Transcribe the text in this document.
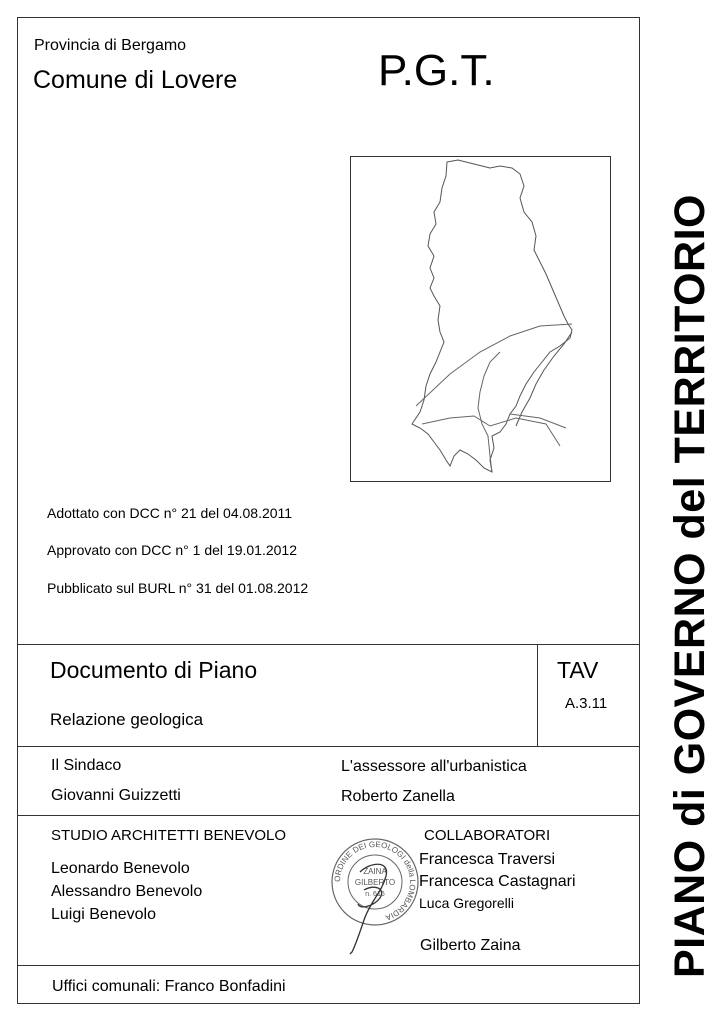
Provincia di Bergamo
Comune di Lovere	P.G.T.
Adottato con DCC n° 21 del 04.08.2011
Approvato con DCC n° 1 del 19.01.2012
Pubblicato sul BURL n° 31 del 01.08.2012
Documento di Piano
Relazione geologica
TAV
A.3.11
Il Sindaco
Giovanni Guizzetti
L'assessore all'urbanistica
Roberto Zanella
STUDIO ARCHITETTI BENEVOLO
Leonardo Benevolo
Alessandro Benevolo
Luigi Benevolo
ORDINE DEI GEOLOGI della LOMBARDIA
ZAINA
GILBERTO
n. 616
COLLABORATORI
Francesca Traversi
Francesca Castagnari
Luca Gregorelli
Gilberto Zaina
Uffici comunali: Franco Bonfadini
PIANO di GOVERNO del TERRITORIO
